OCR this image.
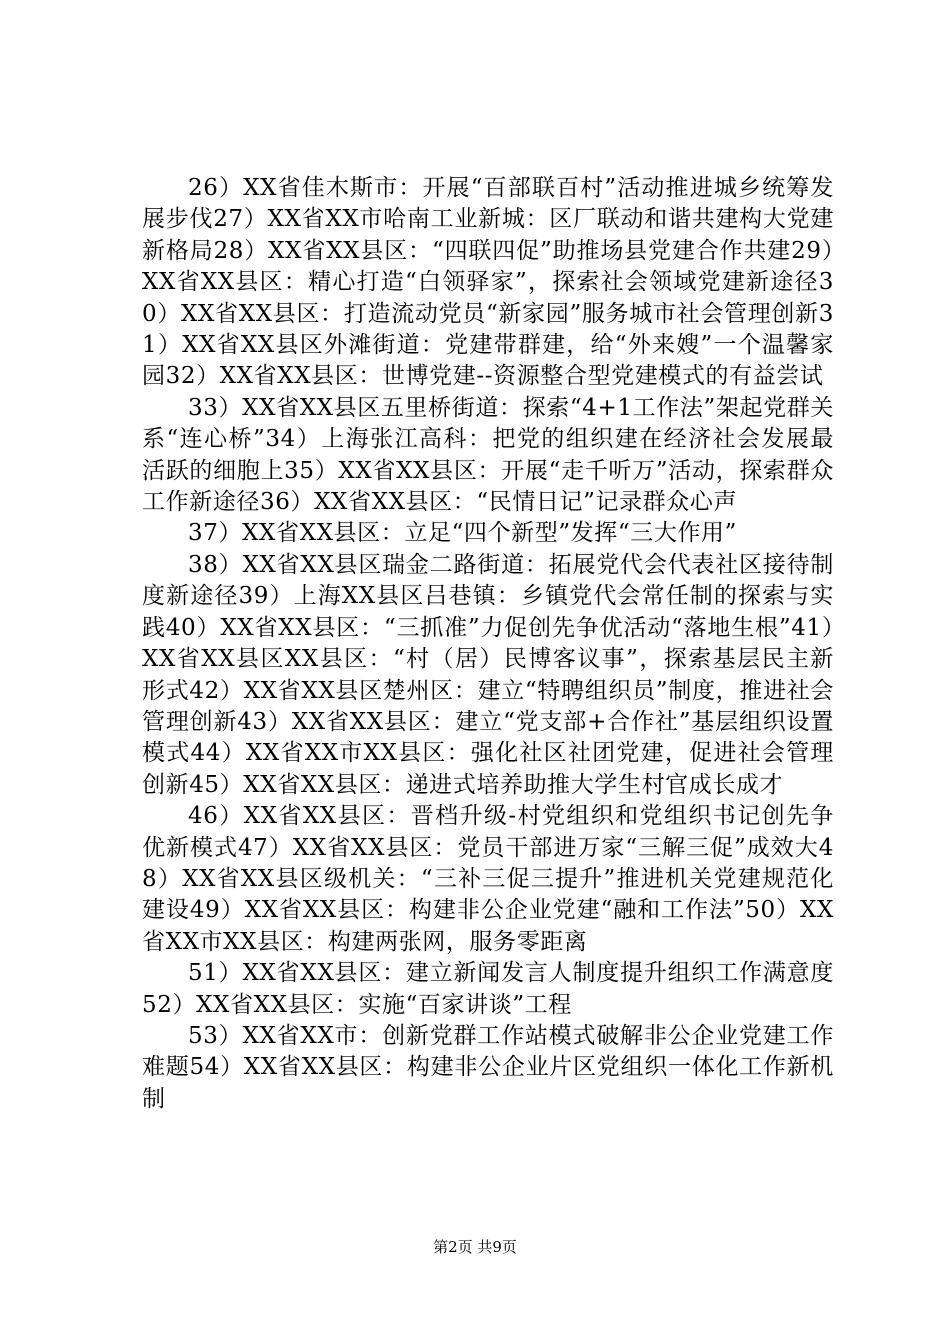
26）XX省佳木斯市：开展“百部联百村”活动推进城乡统筹发展步伐27）XX省XX市哈南工业新城：区厂联动和谐共建构大党建新格局28）XX省XX县区：“四联四促”助推场县党建合作共建29）XX省XX县区：精心打造“白领驿家”，探索社会领域党建新途径30）XX省XX县区：打造流动党员“新家园”服务城市社会管理创新31）XX省XX县区外滩街道：党建带群建，给“外来嫂”一个温馨家园32）XX省XX县区：世博党建--资源整合型党建模式的有益尝试

33）XX省XX县区五里桥街道：探索“4+1工作法”架起党群关系“连心桥”34）上海张江高科：把党的组织建在经济社会发展最活跃的细胞上35）XX省XX县区：开展“走千听万”活动，探索群众工作新途径36）XX省XX县区：“民情日记”记录群众心声

37）XX省XX县区：立足“四个新型”发挥“三大作用”

38）XX省XX县区瑞金二路街道：拓展党代会代表社区接待制度新途径39）上海XX县区吕巷镇：乡镇党代会常任制的探索与实践40）XX省XX县区：“三抓准”力促创先争优活动“落地生根”41）XX省XX县区XX县区：“村（居）民博客议事”，探索基层民主新形式42）XX省XX县区楚州区：建立“特聘组织员”制度，推进社会管理创新43）XX省XX县区：建立“党支部+合作社”基层组织设置模式44）XX省XX市XX县区：强化社区社团党建，促进社会管理创新45）XX省XX县区：递进式培养助推大学生村官成长成才

46）XX省XX县区：晋档升级-村党组织和党组织书记创先争优新模式47）XX省XX县区：党员干部进万家“三解三促”成效大48）XX省XX县区级机关：“三补三促三提升”推进机关党建规范化建设49）XX省XX县区：构建非公企业党建“融和工作法”50）XX省XX市XX县区：构建两张网，服务零距离

51）XX省XX县区：建立新闻发言人制度提升组织工作满意度52）XX省XX县区：实施“百家讲谈”工程

53）XX省XX市：创新党群工作站模式破解非公企业党建工作难题54）XX省XX县区：构建非公企业片区党组织一体化工作新机制

第2页 共9页
